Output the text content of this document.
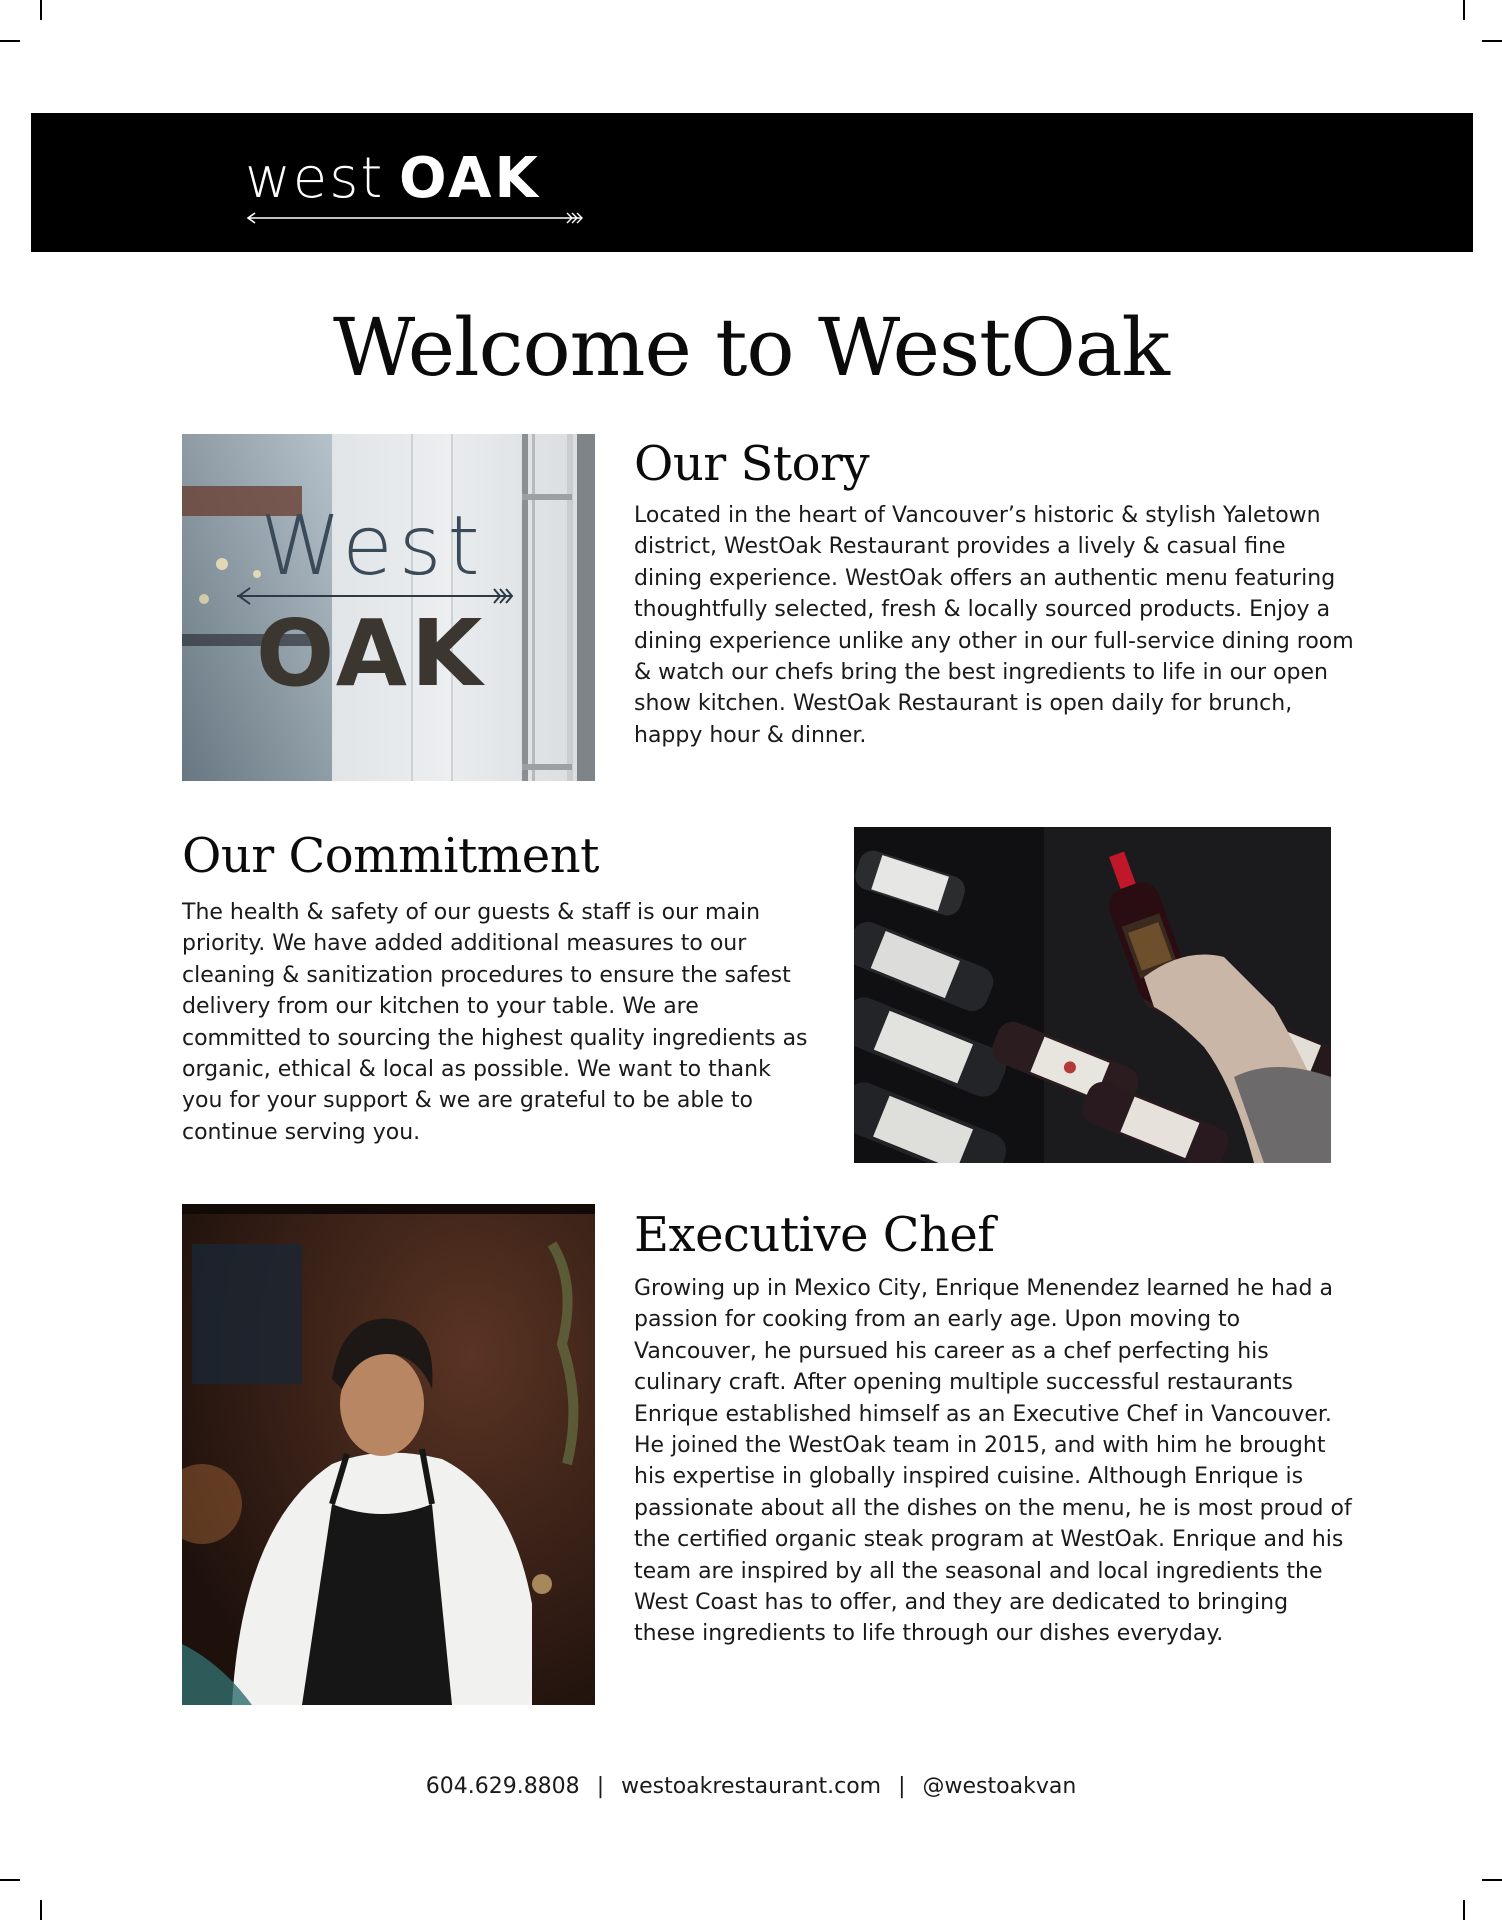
west OAK
Welcome to WestOak
West
OAK
Our Story

Located in the heart of Vancouver’s historic & stylish Yaletown district, WestOak Restaurant provides a lively & casual fine dining experience. WestOak offers an authentic menu featuring thoughtfully selected, fresh & locally sourced products. Enjoy a dining experience unlike any other in our full-service dining room & watch our chefs bring the best ingredients to life in our open show kitchen. WestOak Restaurant is open daily for brunch, happy hour & dinner.

Our Commitment

The health & safety of our guests & staff is our main priority. We have added additional measures to our cleaning & sanitization procedures to ensure the safest delivery from our kitchen to your table. We are committed to sourcing the highest quality ingredients as organic, ethical & local as possible. We want to thank you for your support & we are grateful to be able to continue serving you.

Executive Chef

Growing up in Mexico City, Enrique Menendez learned he had a passion for cooking from an early age. Upon moving to Vancouver, he pursued his career as a chef perfecting his culinary craft. After opening multiple successful restaurants Enrique established himself as an Executive Chef in Vancouver. He joined the WestOak team in 2015, and with him he brought his expertise in globally inspired cuisine. Although Enrique is passionate about all the dishes on the menu, he is most proud of the certified organic steak program at WestOak. Enrique and his team are inspired by all the seasonal and local ingredients the West Coast has to offer, and they are dedicated to bringing these ingredients to life through our dishes everyday.

604.629.8808 | westoakrestaurant.com | @westoakvan
